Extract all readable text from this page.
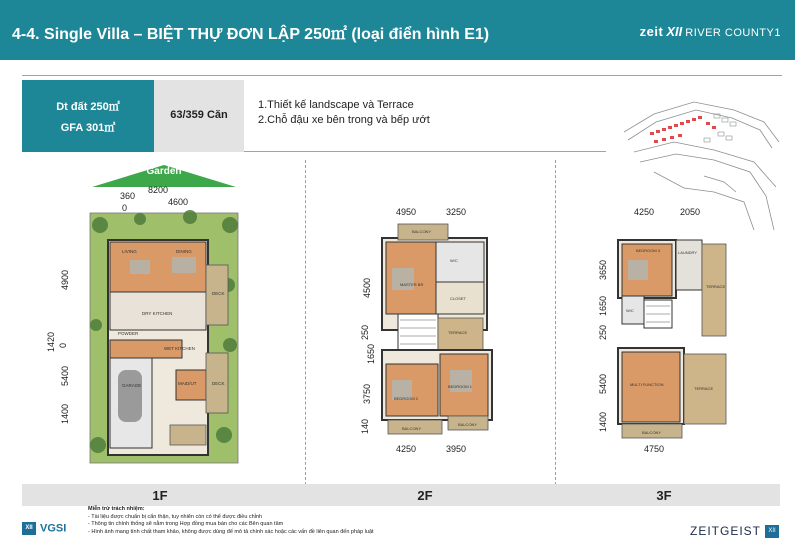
4-4. Single Villa – BIỆT THỰ ĐƠN LẬP 250㎡ (loại điển hình E1)	zeit XII RIVER COUNTY1
Dt đất 250㎡
GFA 301㎡
63/359 Căn
1.Thiết kế landscape và Terrace
2.Chỗ đậu xe bên trong và bếp ướt
Garden
360
0
8200
4600
4900
1420 0
5400
1400
LIVING	DINING
DRY KITCHEN
POWDER
WET KITCHEN
GARAGE
DECK
MAID/UT	DECK
4950	3250
4250	3950
4500
250
1650
3750
140
BALCONY
MASTER BR
W/C
CLOSET
TERRACE
BEDROOM 2
BEDROOM 1
BALCONY
BALCONY
4250	2050
4750
3650
1650
250
5400
1400
BEDROOM 3	LAUNDRY
TERRACE
W/C
MULTI FUNCTION
TERRACE
BALCONY
1F	2F	3F
Miễn trừ trách nhiệm:
- Tài liệu được chuẩn bị cẩn thận, tuy nhiên còn có thể được điều chỉnh
- Thông tin chính thống sẽ nằm trong Hợp đồng mua bán cho các Bên quan tâm
- Hình ảnh mang tính chất tham khảo, không được dùng để mô tả chính xác hoặc các vấn đề liên quan đến pháp luật
XII VGSI	ZEITGEIST XII
